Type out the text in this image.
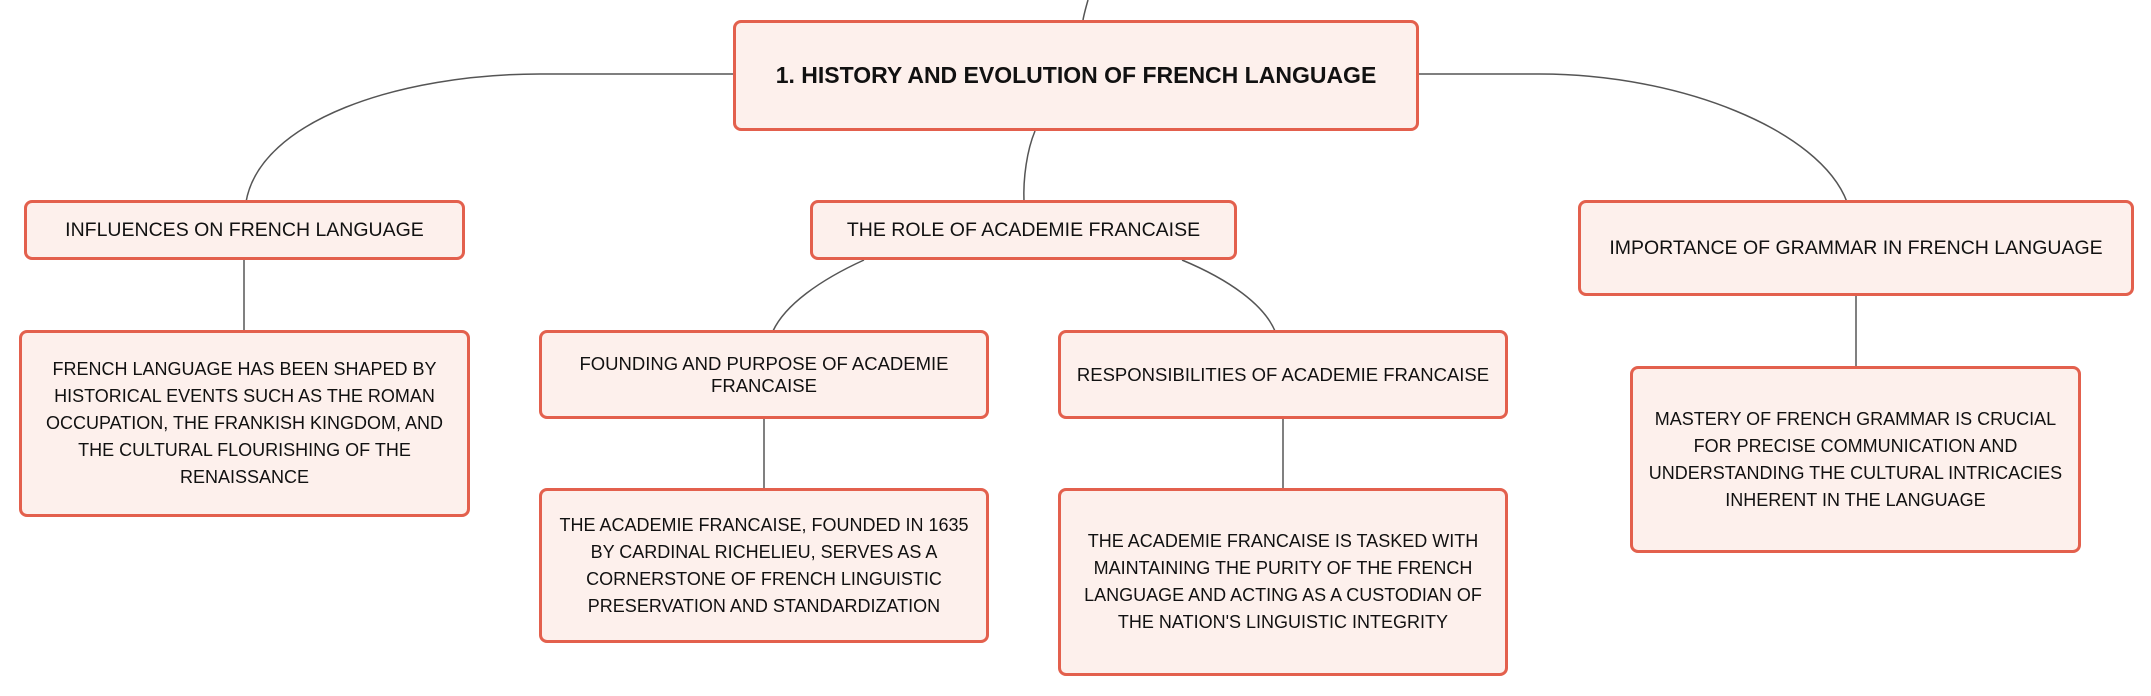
1. HISTORY AND EVOLUTION OF FRENCH LANGUAGE
INFLUENCES ON FRENCH LANGUAGE	THE ROLE OF ACADEMIE FRANCAISE
IMPORTANCE OF GRAMMAR IN FRENCH LANGUAGE
FRENCH LANGUAGE HAS BEEN SHAPED BY HISTORICAL EVENTS SUCH AS THE ROMAN OCCUPATION, THE FRANKISH KINGDOM, AND THE CULTURAL FLOURISHING OF THE RENAISSANCE
FOUNDING AND PURPOSE OF ACADEMIE FRANCAISE
RESPONSIBILITIES OF ACADEMIE FRANCAISE
THE ACADEMIE FRANCAISE, FOUNDED IN 1635 BY CARDINAL RICHELIEU, SERVES AS A CORNERSTONE OF FRENCH LINGUISTIC PRESERVATION AND STANDARDIZATION
THE ACADEMIE FRANCAISE IS TASKED WITH MAINTAINING THE PURITY OF THE FRENCH LANGUAGE AND ACTING AS A CUSTODIAN OF THE NATION'S LINGUISTIC INTEGRITY
MASTERY OF FRENCH GRAMMAR IS CRUCIAL FOR PRECISE COMMUNICATION AND UNDERSTANDING THE CULTURAL INTRICACIES INHERENT IN THE LANGUAGE
